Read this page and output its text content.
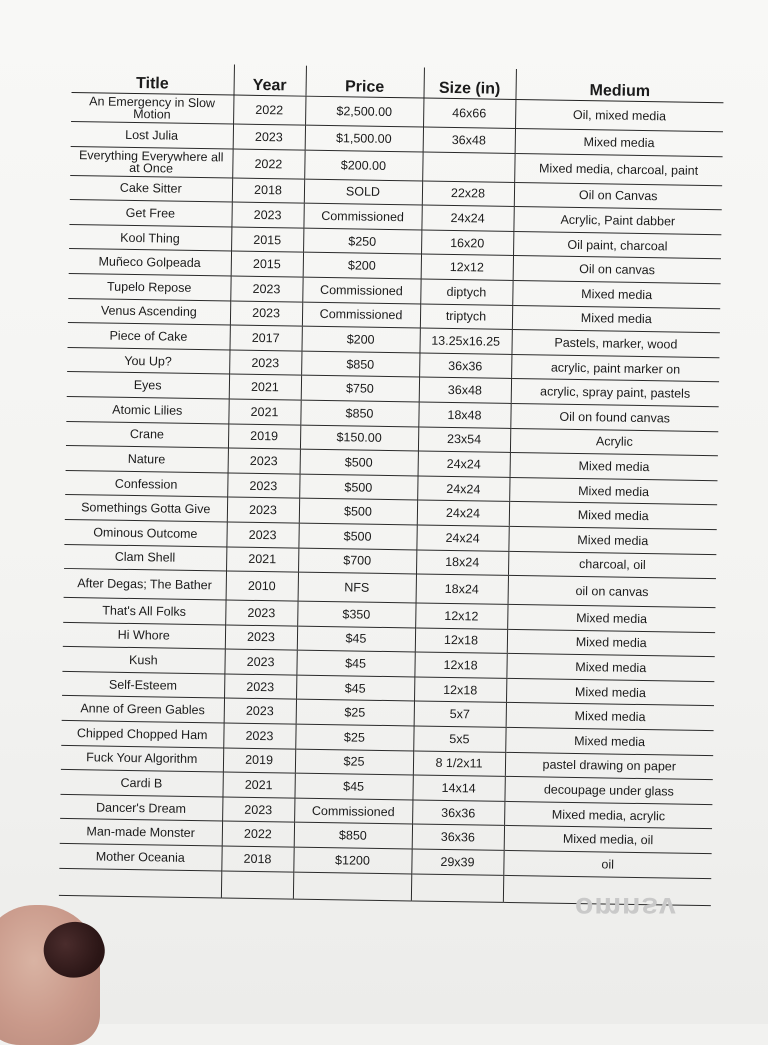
Title	Year	Price	Size (in)	Medium
An Emergency in Slow Motion	2022	$2,500.00	46x66	Oil, mixed media
Lost Julia	2023	$1,500.00	36x48	Mixed media
Everything Everywhere all at Once	2022	$200.00		Mixed media, charcoal, paint
Cake Sitter	2018	SOLD	22x28	Oil on Canvas
Get Free	2023	Commissioned	24x24	Acrylic, Paint dabber
Kool Thing	2015	$250	16x20	Oil paint, charcoal
Muñeco Golpeada	2015	$200	12x12	Oil on canvas
Tupelo Repose	2023	Commissioned	diptych	Mixed media
Venus Ascending	2023	Commissioned	triptych	Mixed media
Piece of Cake	2017	$200	13.25x16.25	Pastels, marker, wood
You Up?	2023	$850	36x36	acrylic, paint marker on
Eyes	2021	$750	36x48	acrylic, spray paint, pastels
Atomic Lilies	2021	$850	18x48	Oil on found canvas
Crane	2019	$150.00	23x54	Acrylic
Nature	2023	$500	24x24	Mixed media
Confession	2023	$500	24x24	Mixed media
Somethings Gotta Give	2023	$500	24x24	Mixed media
Ominous Outcome	2023	$500	24x24	Mixed media
Clam Shell	2021	$700	18x24	charcoal, oil
After Degas; The Bather	2010	NFS	18x24	oil on canvas
That's All Folks	2023	$350	12x12	Mixed media
Hi Whore	2023	$45	12x18	Mixed media
Kush	2023	$45	12x18	Mixed media
Self-Esteem	2023	$45	12x18	Mixed media
Anne of Green Gables	2023	$25	5x7	Mixed media
Chipped Chopped Ham	2023	$25	5x5	Mixed media
Fuck Your Algorithm	2019	$25	8 1/2x11	pastel drawing on paper
Cardi B	2021	$45	14x14	decoupage under glass
Dancer's Dream	2023	Commissioned	36x36	Mixed media, acrylic
Man-made Monster	2022	$850	36x36	Mixed media, oil
Mother Oceania	2018	$1200	29x39	oil

omnsv
